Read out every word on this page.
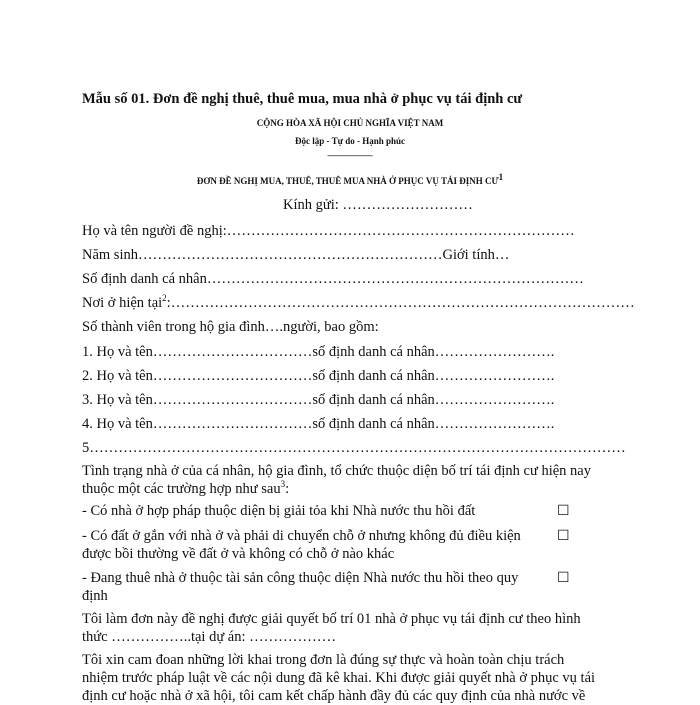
Mẫu số 01. Đơn đề nghị thuê, thuê mua, mua nhà ở phục vụ tái định cư
CỘNG HÒA XÃ HỘI CHỦ NGHĨA VIỆT NAM
Độc lập - Tự do - Hạnh phúc
—————
ĐƠN ĐỀ NGHỊ MUA, THUÊ, THUÊ MUA NHÀ Ở PHỤC VỤ TÁI ĐỊNH $CƯ^1$
Kính gửi: ………………………
Họ và tên người đề nghị:………………………………………………………………
Năm sinh………………………………………………………Giới tính…
Số định danh cá nhân……………………………………………………………………
Nơi ở hiện tại$^2$:……………………………………………………………………………………
Số thành viên trong hộ gia đình….người, bao gồm:
1. Họ và tên……………………………số định danh cá nhân…………………….
2. Họ và tên……………………………số định danh cá nhân…………………….
3. Họ và tên……………………………số định danh cá nhân…………………….
4. Họ và tên……………………………số định danh cá nhân…………………….
5…………………………………………………………………………………………………
Tình trạng nhà ở của cá nhân, hộ gia đình, tổ chức thuộc diện bố trí tái định cư hiện nay
thuộc một các trường hợp như sau$^3$:
- Có nhà ở hợp pháp thuộc diện bị giải tỏa khi Nhà nước thu hồi đất	☐
- Có đất ở gắn với nhà ở và phải di chuyển chỗ ở nhưng không đủ điều kiện
được bồi thường về đất ở và không có chỗ ở nào khác
☐
- Đang thuê nhà ở thuộc tài sản công thuộc diện Nhà nước thu hồi theo quy
định
☐
Tôi làm đơn này đề nghị được giải quyết bố trí 01 nhà ở phục vụ tái định cư theo hình
thức ……………..tại dự án: ………………
Tôi xin cam đoan những lời khai trong đơn là đúng sự thực và hoàn toàn chịu trách
nhiệm trước pháp luật về các nội dung đã kê khai. Khi được giải quyết nhà ở phục vụ tái
định cư hoặc nhà ở xã hội, tôi cam kết chấp hành đầy đủ các quy định của nhà nước về
